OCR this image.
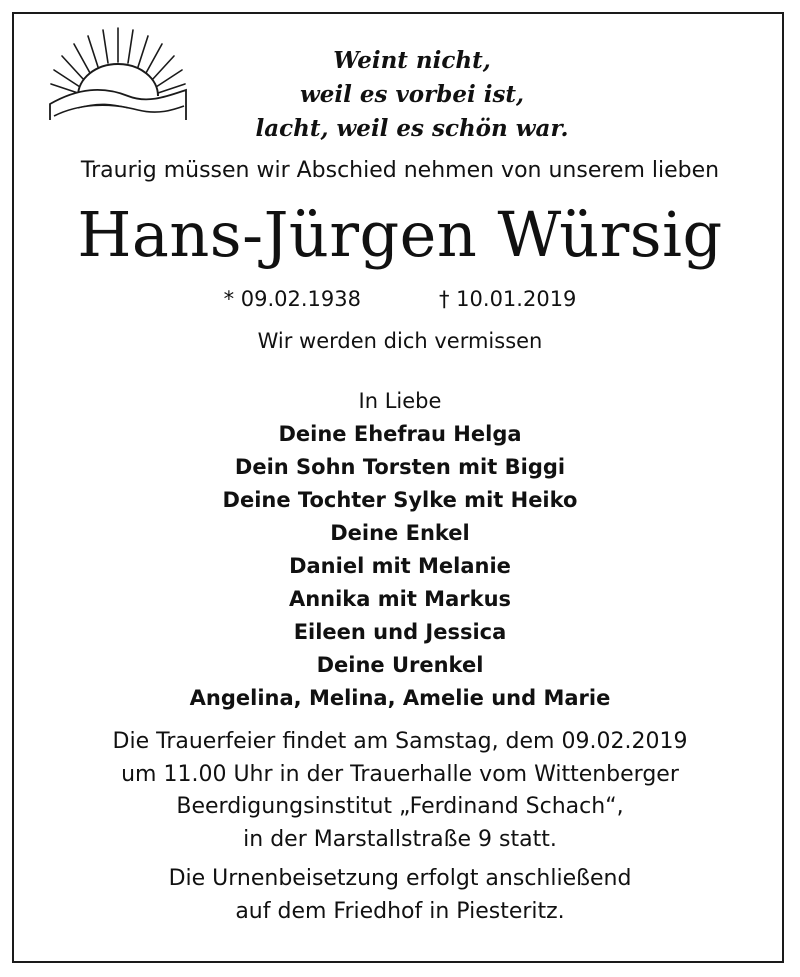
Weint nicht,
weil es vorbei ist,
lacht, weil es schön war.
Traurig müssen wir Abschied nehmen von unserem lieben
Hans-Jürgen Würsig
* 09.02.1938	† 10.01.2019
Wir werden dich vermissen
In Liebe
Deine Ehefrau Helga
Dein Sohn Torsten mit Biggi
Deine Tochter Sylke mit Heiko
Deine Enkel
Daniel mit Melanie
Annika mit Markus
Eileen und Jessica
Deine Urenkel
Angelina, Melina, Amelie und Marie
Die Trauerfeier findet am Samstag, dem 09.02.2019
um 11.00 Uhr in der Trauerhalle vom Wittenberger
Beerdigungsinstitut „Ferdinand Schach“,
in der Marstallstraße 9 statt.
Die Urnenbeisetzung erfolgt anschließend
auf dem Friedhof in Piesteritz.
